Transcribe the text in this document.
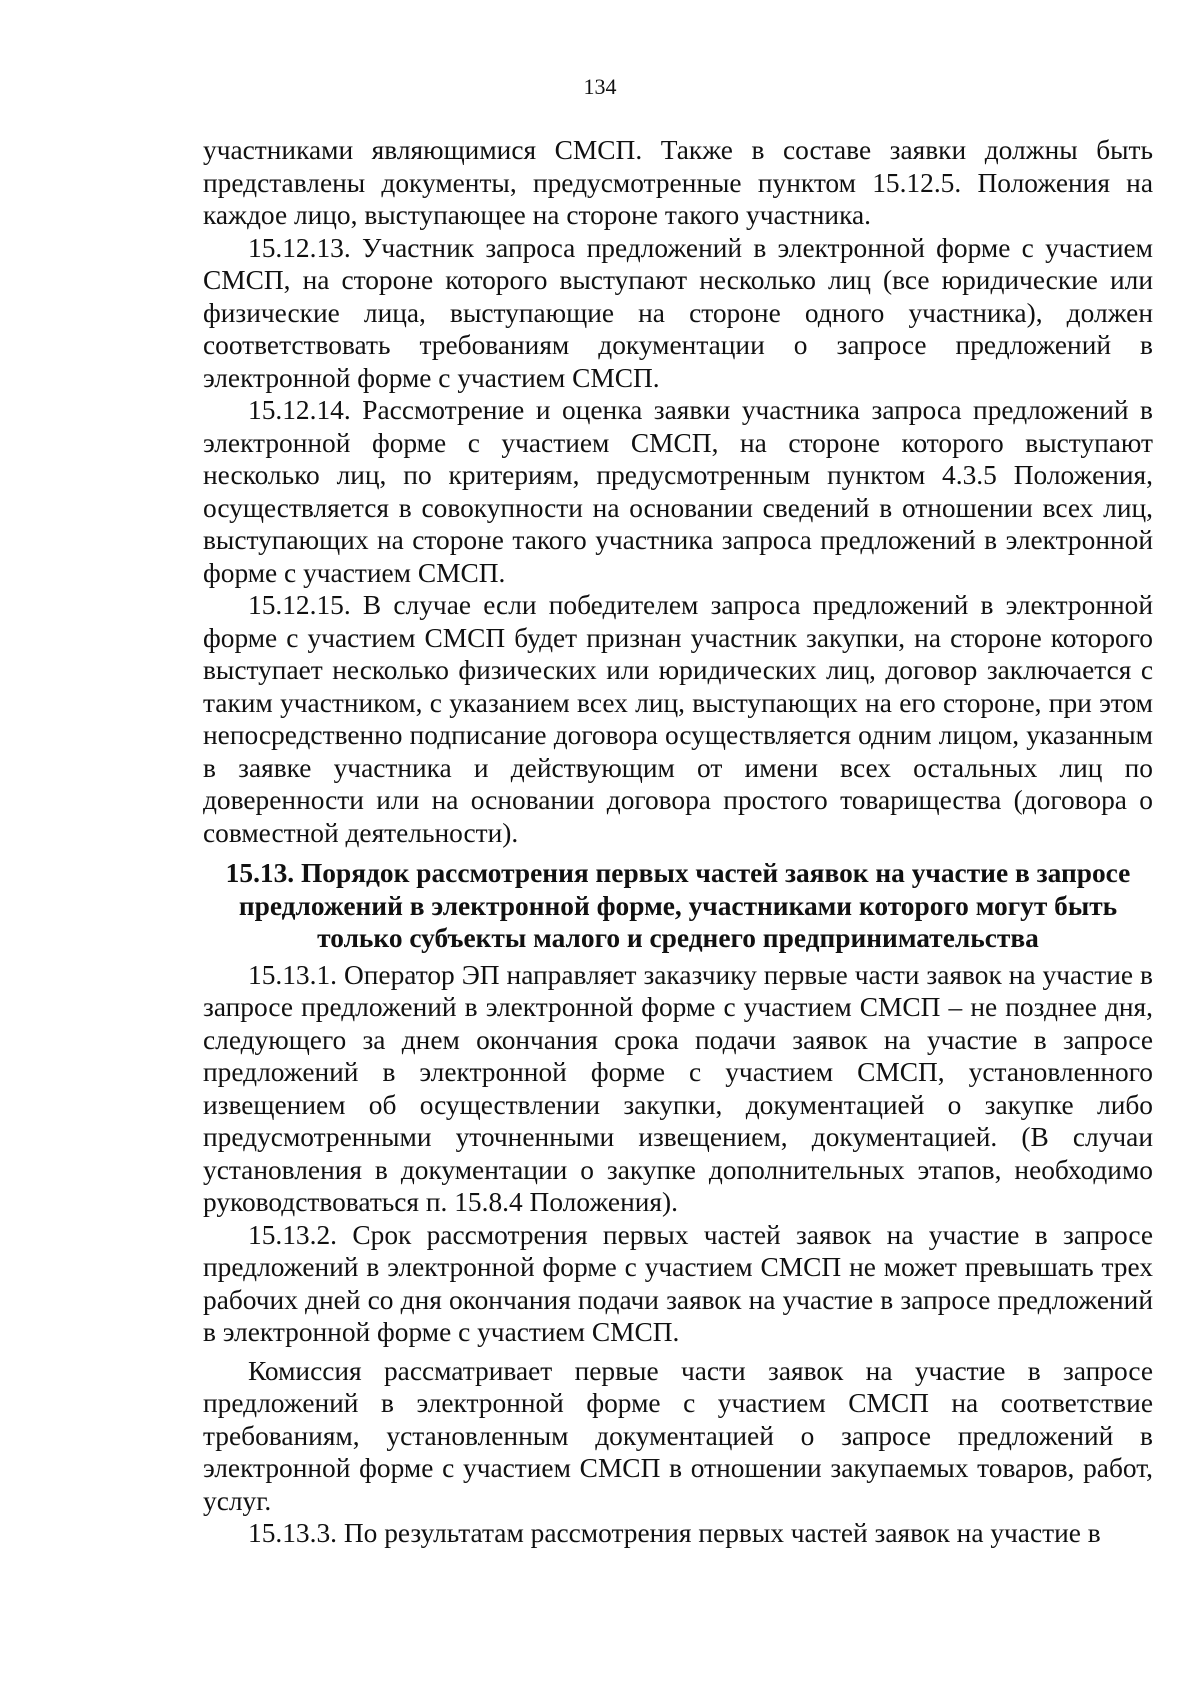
134

участниками являющимися СМСП. Также в составе заявки должны быть представлены документы, предусмотренные пунктом 15.12.5. Положения на каждое лицо, выступающее на стороне такого участника.

15.12.13. Участник запроса предложений в электронной форме с участием СМСП, на стороне которого выступают несколько лиц (все юридические или физические лица, выступающие на стороне одного участника), должен соответствовать требованиям документации о запросе предложений в электронной форме с участием СМСП.

15.12.14. Рассмотрение и оценка заявки участника запроса предложений в электронной форме с участием СМСП, на стороне которого выступают несколько лиц, по критериям, предусмотренным пунктом 4.3.5 Положения, осуществляется в совокупности на основании сведений в отношении всех лиц, выступающих на стороне такого участника запроса предложений в электронной форме с участием СМСП.

15.12.15. В случае если победителем запроса предложений в электронной форме с участием СМСП будет признан участник закупки, на стороне которого выступает несколько физических или юридических лиц, договор заключается с таким участником, с указанием всех лиц, выступающих на его стороне, при этом непосредственно подписание договора осуществляется одним лицом, указанным в заявке участника и действующим от имени всех остальных лиц по доверенности или на основании договора простого товарищества (договора о совместной деятельности).

15.13. Порядок рассмотрения первых частей заявок на участие в запросе предложений в электронной форме, участниками которого могут быть только субъекты малого и среднего предпринимательства

15.13.1. Оператор ЭП направляет заказчику первые части заявок на участие в запросе предложений в электронной форме с участием СМСП – не позднее дня, следующего за днем окончания срока подачи заявок на участие в запросе предложений в электронной форме с участием СМСП, установленного извещением об осуществлении закупки, документацией о закупке либо предусмотренными уточненными извещением, документацией. (В случаи установления в документации о закупке дополнительных этапов, необходимо руководствоваться п. 15.8.4 Положения).

15.13.2. Срок рассмотрения первых частей заявок на участие в запросе предложений в электронной форме с участием СМСП не может превышать трех рабочих дней со дня окончания подачи заявок на участие в запросе предложений в электронной форме с участием СМСП.

Комиссия рассматривает первые части заявок на участие в запросе предложений в электронной форме с участием СМСП на соответствие требованиям, установленным документацией о запросе предложений в электронной форме с участием СМСП в отношении закупаемых товаров, работ, услуг.

15.13.3. По результатам рассмотрения первых частей заявок на участие в
